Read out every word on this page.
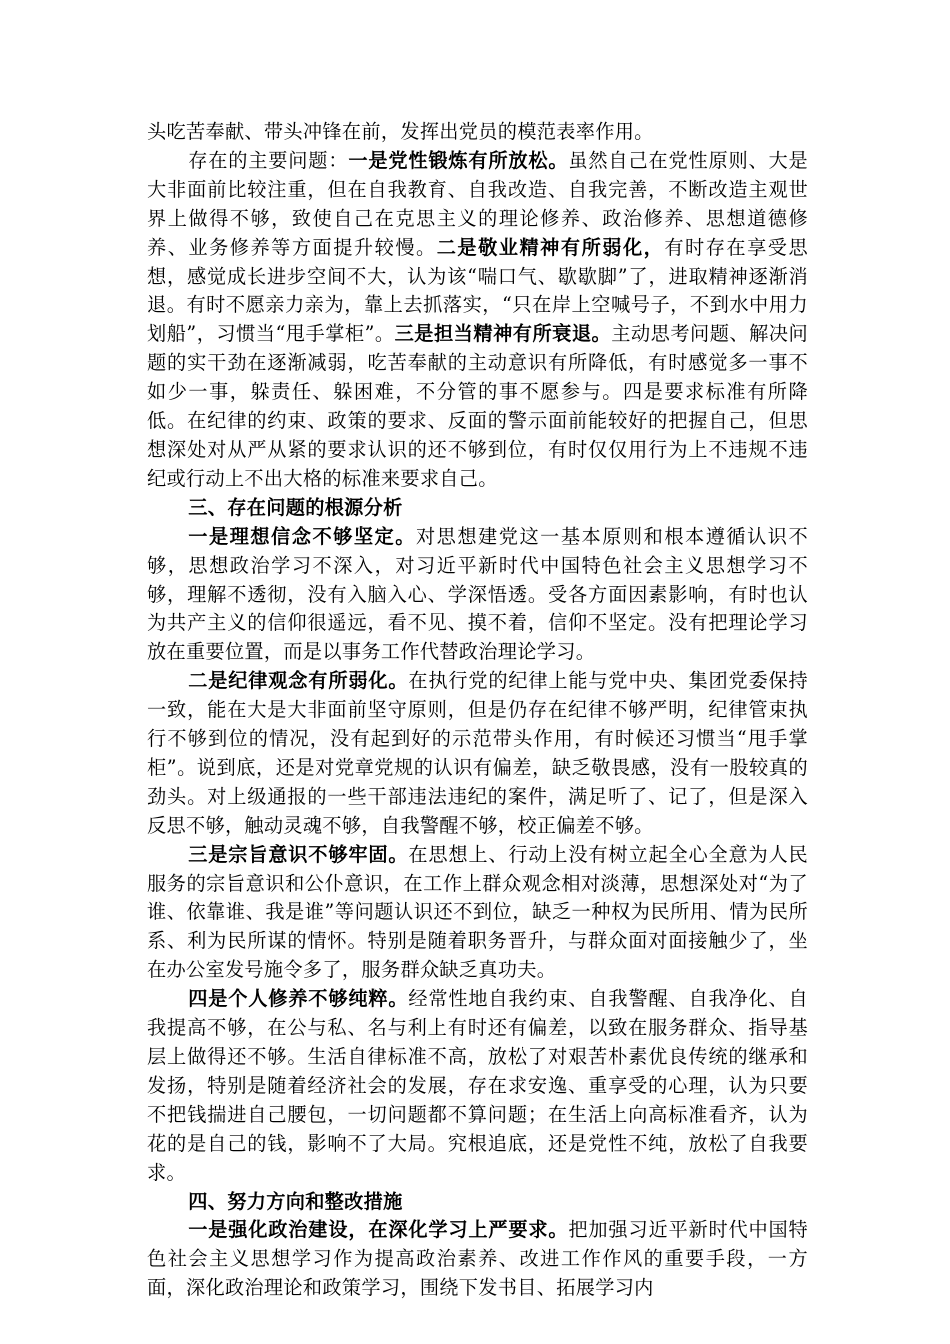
头吃苦奉献、带头冲锋在前，发挥出党员的模范表率作用。

存在的主要问题：一是党性锻炼有所放松。虽然自己在党性原则、大是大非面前比较注重，但在自我教育、自我改造、自我完善，不断改造主观世界上做得不够，致使自己在克思主义的理论修养、政治修养、思想道德修养、业务修养等方面提升较慢。二是敬业精神有所弱化，有时存在享受思想，感觉成长进步空间不大，认为该“喘口气、歇歇脚”了，进取精神逐渐消退。有时不愿亲力亲为，靠上去抓落实，“只在岸上空喊号子，不到水中用力划船”，习惯当“甩手掌柜”。三是担当精神有所衰退。主动思考问题、解决问题的实干劲在逐渐减弱，吃苦奉献的主动意识有所降低，有时感觉多一事不如少一事，躲责任、躲困难，不分管的事不愿参与。四是要求标准有所降低。在纪律的约束、政策的要求、反面的警示面前能较好的把握自己，但思想深处对从严从紧的要求认识的还不够到位，有时仅仅用行为上不违规不违纪或行动上不出大格的标准来要求自己。

三、存在问题的根源分析

一是理想信念不够坚定。对思想建党这一基本原则和根本遵循认识不够，思想政治学习不深入，对习近平新时代中国特色社会主义思想学习不够，理解不透彻，没有入脑入心、学深悟透。受各方面因素影响，有时也认为共产主义的信仰很遥远，看不见、摸不着，信仰不坚定。没有把理论学习放在重要位置，而是以事务工作代替政治理论学习。

二是纪律观念有所弱化。在执行党的纪律上能与党中央、集团党委保持一致，能在大是大非面前坚守原则，但是仍存在纪律不够严明，纪律管束执行不够到位的情况，没有起到好的示范带头作用，有时候还习惯当“甩手掌柜”。说到底，还是对党章党规的认识有偏差，缺乏敬畏感，没有一股较真的劲头。对上级通报的一些干部违法违纪的案件，满足听了、记了，但是深入反思不够，触动灵魂不够，自我警醒不够，校正偏差不够。

三是宗旨意识不够牢固。在思想上、行动上没有树立起全心全意为人民服务的宗旨意识和公仆意识，在工作上群众观念相对淡薄，思想深处对“为了谁、依靠谁、我是谁”等问题认识还不到位，缺乏一种权为民所用、情为民所系、利为民所谋的情怀。特别是随着职务晋升，与群众面对面接触少了，坐在办公室发号施令多了，服务群众缺乏真功夫。

四是个人修养不够纯粹。经常性地自我约束、自我警醒、自我净化、自我提高不够，在公与私、名与利上有时还有偏差，以致在服务群众、指导基层上做得还不够。生活自律标准不高，放松了对艰苦朴素优良传统的继承和发扬，特别是随着经济社会的发展，存在求安逸、重享受的心理，认为只要不把钱揣进自己腰包，一切问题都不算问题；在生活上向高标准看齐，认为花的是自己的钱，影响不了大局。究根追底，还是党性不纯，放松了自我要求。

四、努力方向和整改措施

一是强化政治建设，在深化学习上严要求。把加强习近平新时代中国特色社会主义思想学习作为提高政治素养、改进工作作风的重要手段，一方面，深化政治理论和政策学习，围绕下发书目、拓展学习内
